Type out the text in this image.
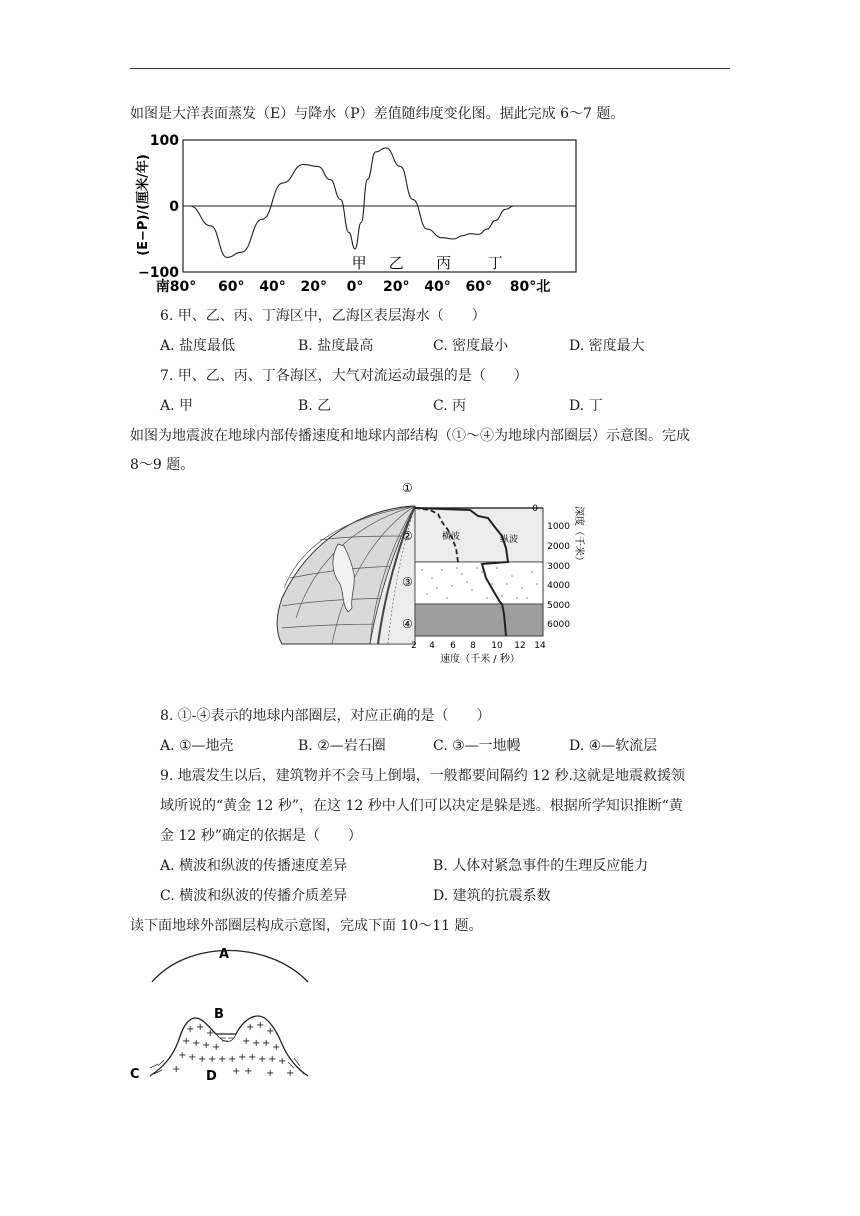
如图是大洋表面蒸发（E）与降水（P）差值随纬度变化图。据此完成 6～7 题。
100
0
−100
南80° 60° 40° 20° 0° 20° 40° 60° 80°北
(E−P)/(厘米/年)
甲 乙 丙 丁
6. 甲、乙、丙、丁海区中，乙海区表层海水（　　）
A. 盐度最低	B. 盐度最高	C. 密度最小	D. 密度最大
7. 甲、乙、丙、丁各海区，大气对流运动最强的是（　　）
A. 甲	B. 乙	C. 丙	D. 丁
如图为地震波在地球内部传播速度和地球内部结构（①～④为地球内部圈层）示意图。完成
8～9 题。
横波	纵波
①
②
③
④
0
1000
2000
3000
4000
5000
6000
深度（千米）
2 4 6 8 10 12 14
速度（千米 / 秒）
8. ①-④表示的地球内部圈层，对应正确的是（　　）
A. ①—地壳	B. ②—岩石圈	C. ③—一地幔	D. ④—软流层
9. 地震发生以后，建筑物并不会马上倒塌，一般都要间隔约 12 秒.这就是地震救援领
域所说的“黄金 12 秒”，在这 12 秒中人们可以决定是躲是逃。根据所学知识推断“黄
金 12 秒”确定的依据是（　　）
A. 横波和纵波的传播速度差异	B. 人体对紧急事件的生理反应能力
C. 横波和纵波的传播介质差异	D. 建筑的抗震系数
读下面地球外部圈层构成示意图，完成下面 10～11 题。
A
+ +
+
+ + + +
+ + + + + + +
+ +
+
+ + + +
+ + + +
+	+ + + +
B
C	D
